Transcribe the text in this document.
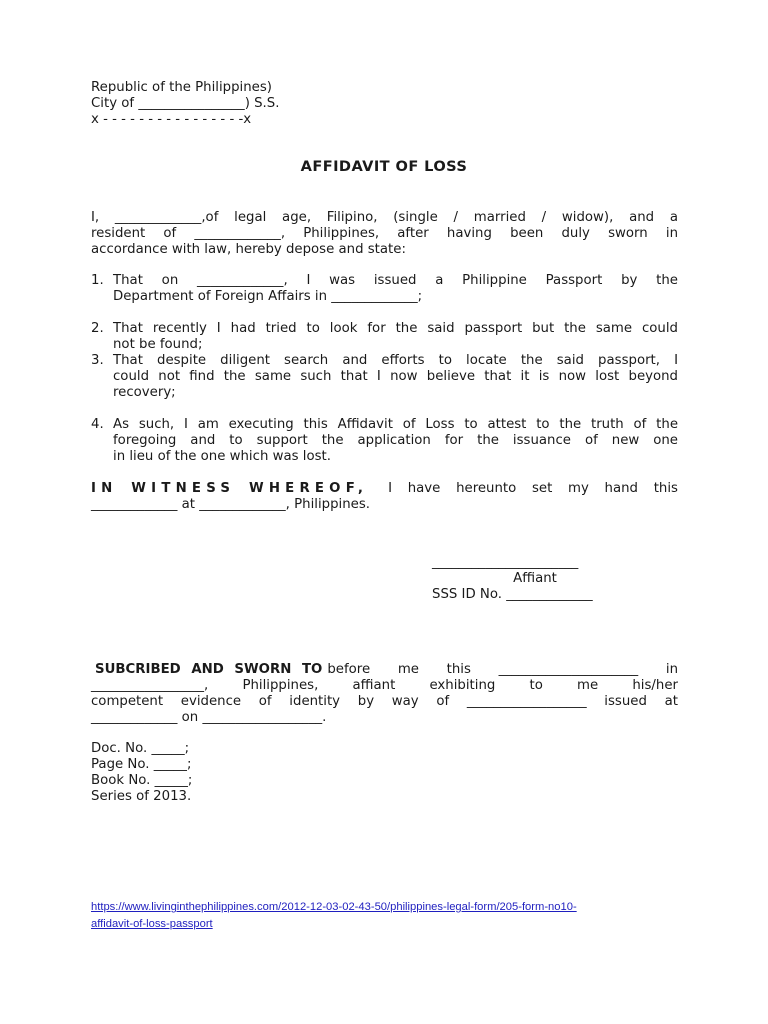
Republic of the Philippines)
City of ________________) S.S.
x - - - - - - - - - - - - - - - -x
AFFIDAVIT OF LOSS
I, _____________,of legal age, Filipino, (single / married / widow), and a
resident of _____________, Philippines, after having been duly sworn in
accordance with law, hereby depose and state:
1. That on _____________, I was issued a Philippine Passport by the
Department of Foreign Affairs in _____________;
2. That recently I had tried to look for the said passport but the same could
not be found;
3. That despite diligent search and efforts to locate the said passport, I
could not find the same such that I now believe that it is now lost beyond
recovery;
4. As such, I am executing this Affidavit of Loss to attest to the truth of the
foregoing and to support the application for the issuance of new one
in lieu of the one which was lost.
IN WITNESS WHEREOF, I have hereunto set my hand this
_____________ at _____________, Philippines.
______________________
Affiant
SSS ID No. _____________
SUBCRIBED AND SWORN TO before me this _____________________ in
_________________, Philippines, affiant exhibiting to me his/her
competent evidence of identity by way of __________________ issued at
_____________ on __________________.
Doc. No. _____;
Page No. _____;
Book No. _____;
Series of 2013.
https://www.livinginthephilippines.com/2012-12-03-02-43-50/philippines-legal-form/205-form-no10-
affidavit-of-loss-passport
